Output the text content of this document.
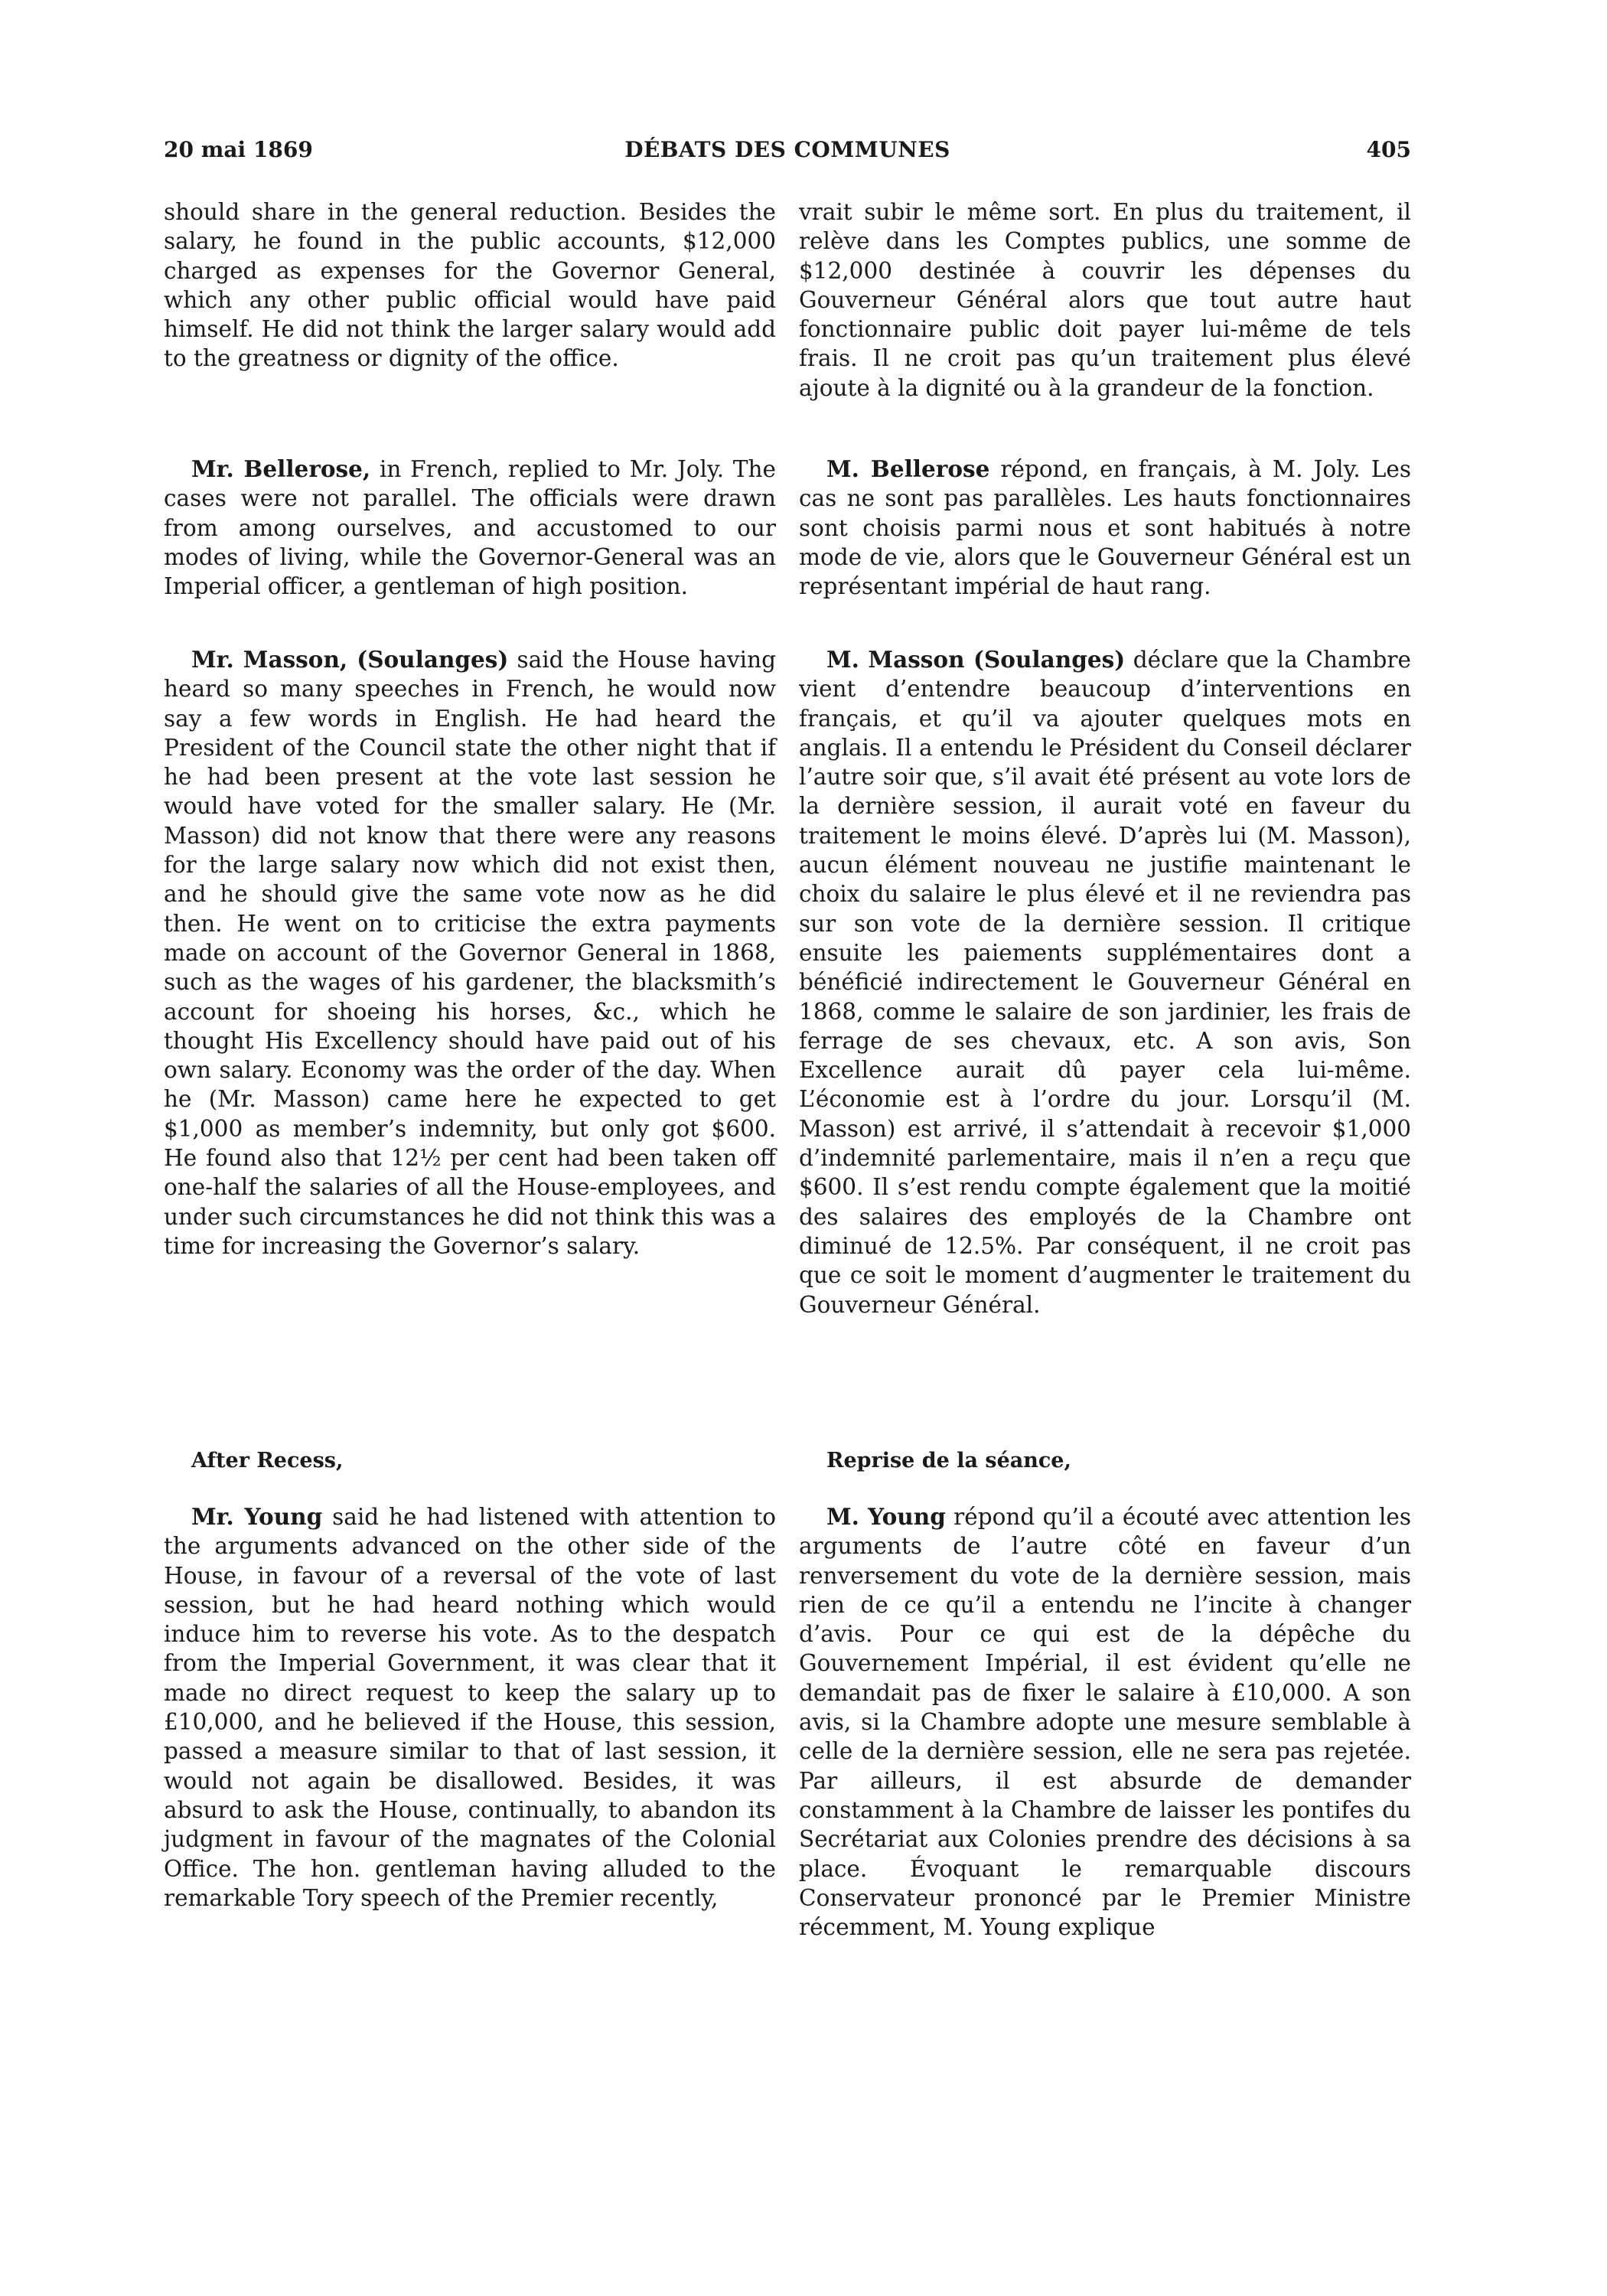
20 mai 1869	DÉBATS DES COMMUNES	405

should share in the general reduction. Besides the salary, he found in the public accounts, $12,000 charged as expenses for the Governor General, which any other public official would have paid himself. He did not think the larger salary would add to the greatness or dignity of the office.

Mr. Bellerose, in French, replied to Mr. Joly. The cases were not parallel. The officials were drawn from among ourselves, and accustomed to our modes of living, while the Governor-General was an Imperial officer, a gentleman of high position.

Mr. Masson, (Soulanges) said the House having heard so many speeches in French, he would now say a few words in English. He had heard the President of the Council state the other night that if he had been present at the vote last session he would have voted for the smaller salary. He (Mr. Masson) did not know that there were any reasons for the large salary now which did not exist then, and he should give the same vote now as he did then. He went on to criticise the extra payments made on account of the Governor General in 1868, such as the wages of his gardener, the blacksmith’s account for shoeing his horses, &c., which he thought His Excellency should have paid out of his own salary. Economy was the order of the day. When he (Mr. Masson) came here he expected to get $1,000 as member’s indemnity, but only got $600. He found also that 12½ per cent had been taken off one-half the salaries of all the House-employees, and under such circumstances he did not think this was a time for increasing the Governor’s salary.

After Recess,

Mr. Young said he had listened with attention to the arguments advanced on the other side of the House, in favour of a reversal of the vote of last session, but he had heard nothing which would induce him to reverse his vote. As to the despatch from the Imperial Government, it was clear that it made no direct request to keep the salary up to £10,000, and he believed if the House, this session, passed a measure similar to that of last session, it would not again be disallowed. Besides, it was absurd to ask the House, continually, to abandon its judgment in favour of the magnates of the Colonial Office. The hon. gentleman having alluded to the remarkable Tory speech of the Premier recently,

vrait subir le même sort. En plus du traitement, il relève dans les Comptes publics, une somme de $12,000 destinée à couvrir les dépenses du Gouverneur Général alors que tout autre haut fonctionnaire public doit payer lui-même de tels frais. Il ne croit pas qu’un traitement plus élevé ajoute à la dignité ou à la grandeur de la fonction.

M. Bellerose répond, en français, à M. Joly. Les cas ne sont pas parallèles. Les hauts fonctionnaires sont choisis parmi nous et sont habitués à notre mode de vie, alors que le Gouverneur Général est un représentant impérial de haut rang.

M. Masson (Soulanges) déclare que la Chambre vient d’entendre beaucoup d’interventions en français, et qu’il va ajouter quelques mots en anglais. Il a entendu le Président du Conseil déclarer l’autre soir que, s’il avait été présent au vote lors de la dernière session, il aurait voté en faveur du traitement le moins élevé. D’après lui (M. Masson), aucun élément nouveau ne justifie maintenant le choix du salaire le plus élevé et il ne reviendra pas sur son vote de la dernière session. Il critique ensuite les paiements supplémentaires dont a bénéficié indirectement le Gouverneur Général en 1868, comme le salaire de son jardinier, les frais de ferrage de ses chevaux, etc. A son avis, Son Excellence aurait dû payer cela lui-même. L’économie est à l’ordre du jour. Lorsqu’il (M. Masson) est arrivé, il s’attendait à recevoir $1,000 d’indemnité parlementaire, mais il n’en a reçu que $600. Il s’est rendu compte également que la moitié des salaires des employés de la Chambre ont diminué de 12.5%. Par conséquent, il ne croit pas que ce soit le moment d’augmenter le traitement du Gouverneur Général.

Reprise de la séance,

M. Young répond qu’il a écouté avec attention les arguments de l’autre côté en faveur d’un renversement du vote de la dernière session, mais rien de ce qu’il a entendu ne l’incite à changer d’avis. Pour ce qui est de la dépêche du Gouvernement Impérial, il est évident qu’elle ne demandait pas de fixer le salaire à £10,000. A son avis, si la Chambre adopte une mesure semblable à celle de la dernière session, elle ne sera pas rejetée. Par ailleurs, il est absurde de demander constamment à la Chambre de laisser les pontifes du Secrétariat aux Colonies prendre des décisions à sa place. Évoquant le remarquable discours Conservateur prononcé par le Premier Ministre récemment, M. Young explique
